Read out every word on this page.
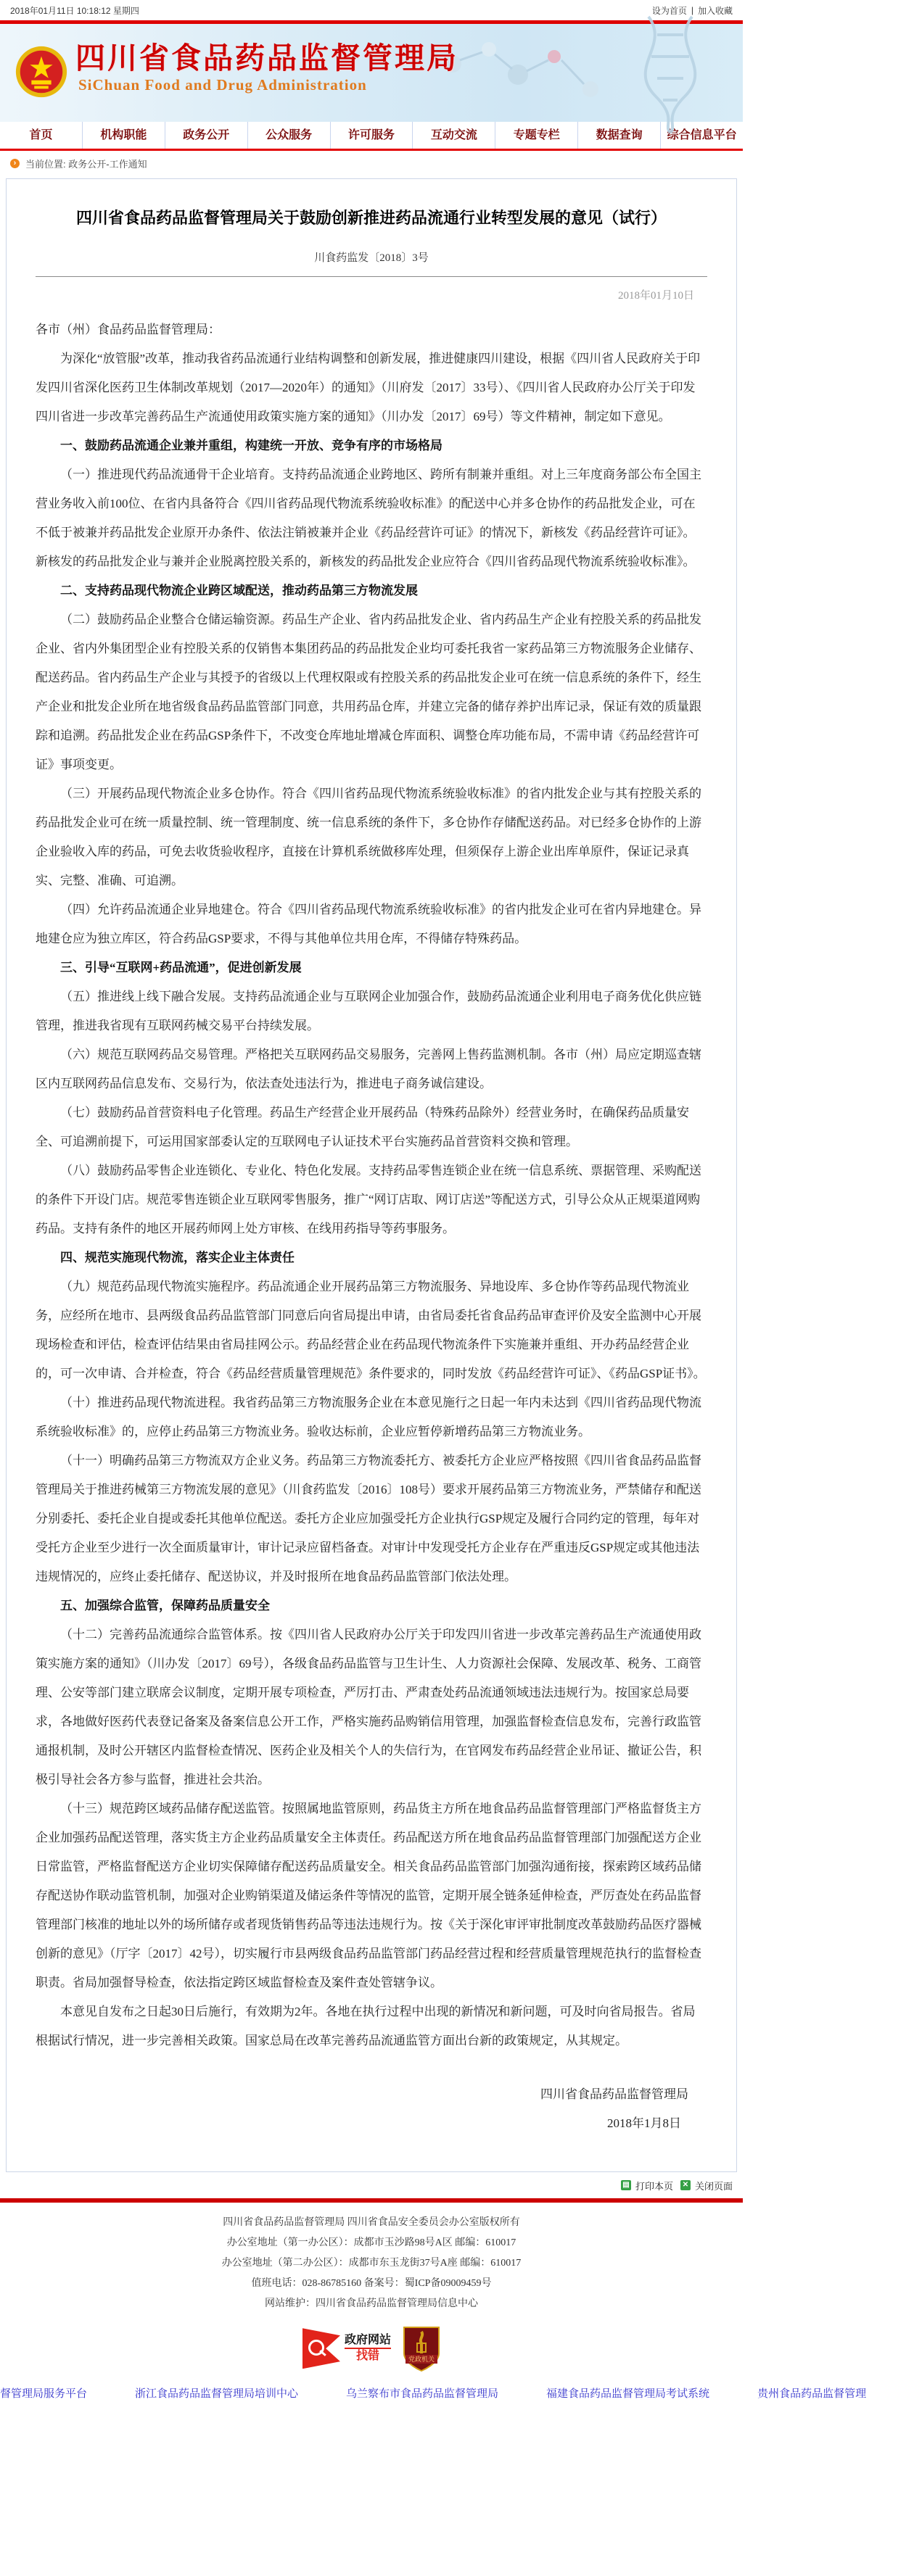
2018年01月11日 10:18:12 星期四	设为首页 | 加入收藏
四川省食品药品监督管理局
SiChuan Food and Drug Administration
首页	机构职能	政务公开	公众服务	许可服务	互动交流	专题专栏	数据查询	综合信息平台
› 当前位置:
政务公开-工作通知
四川省食品药品监督管理局关于鼓励创新推进药品流通行业转型发展的意见（试行）
川食药监发〔2018〕3号
2018年01月10日

各市（州）食品药品监督管理局：

为深化“放管服”改革，推动我省药品流通行业结构调整和创新发展，推进健康四川建设，根据《四川省人民政府关于印发四川省深化医药卫生体制改革规划（2017—2020年）的通知》（川府发〔2017〕33号）、《四川省人民政府办公厅关于印发四川省进一步改革完善药品生产流通使用政策实施方案的通知》（川办发〔2017〕69号）等文件精神，制定如下意见。

一、鼓励药品流通企业兼并重组，构建统一开放、竞争有序的市场格局

（一）推进现代药品流通骨干企业培育。支持药品流通企业跨地区、跨所有制兼并重组。对上三年度商务部公布全国主营业务收入前100位、在省内具备符合《四川省药品现代物流系统验收标准》的配送中心并多仓协作的药品批发企业，可在不低于被兼并药品批发企业原开办条件、依法注销被兼并企业《药品经营许可证》的情况下，新核发《药品经营许可证》。新核发的药品批发企业与兼并企业脱离控股关系的，新核发的药品批发企业应符合《四川省药品现代物流系统验收标准》。

二、支持药品现代物流企业跨区域配送，推动药品第三方物流发展

（二）鼓励药品企业整合仓储运输资源。药品生产企业、省内药品批发企业、省内药品生产企业有控股关系的药品批发企业、省内外集团型企业有控股关系的仅销售本集团药品的药品批发企业均可委托我省一家药品第三方物流服务企业储存、配送药品。省内药品生产企业与其授予的省级以上代理权限或有控股关系的药品批发企业可在统一信息系统的条件下，经生产企业和批发企业所在地省级食品药品监管部门同意，共用药品仓库，并建立完备的储存养护出库记录，保证有效的质量跟踪和追溯。药品批发企业在药品GSP条件下，不改变仓库地址增减仓库面积、调整仓库功能布局，不需申请《药品经营许可证》事项变更。

（三）开展药品现代物流企业多仓协作。符合《四川省药品现代物流系统验收标准》的省内批发企业与其有控股关系的药品批发企业可在统一质量控制、统一管理制度、统一信息系统的条件下，多仓协作存储配送药品。对已经多仓协作的上游企业验收入库的药品，可免去收货验收程序，直接在计算机系统做移库处理，但须保存上游企业出库单原件，保证记录真实、完整、准确、可追溯。

（四）允许药品流通企业异地建仓。符合《四川省药品现代物流系统验收标准》的省内批发企业可在省内异地建仓。异地建仓应为独立库区，符合药品GSP要求，不得与其他单位共用仓库，不得储存特殊药品。

三、引导“互联网+药品流通”，促进创新发展

（五）推进线上线下融合发展。支持药品流通企业与互联网企业加强合作，鼓励药品流通企业利用电子商务优化供应链管理，推进我省现有互联网药械交易平台持续发展。

（六）规范互联网药品交易管理。严格把关互联网药品交易服务，完善网上售药监测机制。各市（州）局应定期巡查辖区内互联网药品信息发布、交易行为，依法查处违法行为，推进电子商务诚信建设。

（七）鼓励药品首营资料电子化管理。药品生产经营企业开展药品（特殊药品除外）经营业务时，在确保药品质量安全、可追溯前提下，可运用国家部委认定的互联网电子认证技术平台实施药品首营资料交换和管理。

（八）鼓励药品零售企业连锁化、专业化、特色化发展。支持药品零售连锁企业在统一信息系统、票据管理、采购配送的条件下开设门店。规范零售连锁企业互联网零售服务，推广“网订店取、网订店送”等配送方式，引导公众从正规渠道网购药品。支持有条件的地区开展药师网上处方审核、在线用药指导等药事服务。

四、规范实施现代物流，落实企业主体责任

（九）规范药品现代物流实施程序。药品流通企业开展药品第三方物流服务、异地设库、多仓协作等药品现代物流业务，应经所在地市、县两级食品药品监管部门同意后向省局提出申请，由省局委托省食品药品审查评价及安全监测中心开展现场检查和评估，检查评估结果由省局挂网公示。药品经营企业在药品现代物流条件下实施兼并重组、开办药品经营企业的，可一次申请、合并检查，符合《药品经营质量管理规范》条件要求的，同时发放《药品经营许可证》、《药品GSP证书》。

（十）推进药品现代物流进程。我省药品第三方物流服务企业在本意见施行之日起一年内未达到《四川省药品现代物流系统验收标准》的，应停止药品第三方物流业务。验收达标前，企业应暂停新增药品第三方物流业务。

（十一）明确药品第三方物流双方企业义务。药品第三方物流委托方、被委托方企业应严格按照《四川省食品药品监督管理局关于推进药械第三方物流发展的意见》（川食药监发〔2016〕108号）要求开展药品第三方物流业务，严禁储存和配送分别委托、委托企业自提或委托其他单位配送。委托方企业应加强受托方企业执行GSP规定及履行合同约定的管理，每年对受托方企业至少进行一次全面质量审计，审计记录应留档备查。对审计中发现受托方企业存在严重违反GSP规定或其他违法违规情况的，应终止委托储存、配送协议，并及时报所在地食品药品监管部门依法处理。

五、加强综合监管，保障药品质量安全

（十二）完善药品流通综合监管体系。按《四川省人民政府办公厅关于印发四川省进一步改革完善药品生产流通使用政策实施方案的通知》（川办发〔2017〕69号），各级食品药品监管与卫生计生、人力资源社会保障、发展改革、税务、工商管理、公安等部门建立联席会议制度，定期开展专项检查，严厉打击、严肃查处药品流通领域违法违规行为。按国家总局要求，各地做好医药代表登记备案及备案信息公开工作，严格实施药品购销信用管理，加强监督检查信息发布，完善行政监管通报机制，及时公开辖区内监督检查情况、医药企业及相关个人的失信行为，在官网发布药品经营企业吊证、撤证公告，积极引导社会各方参与监督，推进社会共治。

（十三）规范跨区域药品储存配送监管。按照属地监管原则，药品货主方所在地食品药品监督管理部门严格监督货主方企业加强药品配送管理，落实货主方企业药品质量安全主体责任。药品配送方所在地食品药品监督管理部门加强配送方企业日常监管，严格监督配送方企业切实保障储存配送药品质量安全。相关食品药品监管部门加强沟通衔接，探索跨区域药品储存配送协作联动监管机制，加强对企业购销渠道及储运条件等情况的监管，定期开展全链条延伸检查，严厉查处在药品监督管理部门核准的地址以外的场所储存或者现货销售药品等违法违规行为。按《关于深化审评审批制度改革鼓励药品医疗器械创新的意见》（厅字〔2017〕42号），切实履行市县两级食品药品监管部门药品经营过程和经营质量管理规范执行的监督检查职责。省局加强督导检查，依法指定跨区域监督检查及案件查处管辖争议。

本意见自发布之日起30日后施行，有效期为2年。各地在执行过程中出现的新情况和新问题，可及时向省局报告。省局根据试行情况，进一步完善相关政策。国家总局在改革完善药品流通监管方面出台新的政策规定，从其规定。

四川省食品药品监督管理局
2018年1月8日
▤ 打印本页 ✕ 关闭页面
四川省食品药品监督管理局 四川省食品安全委员会办公室版权所有
办公室地址（第一办公区）：成都市玉沙路98号A区 邮编：610017
办公室地址（第二办公区）：成都市东玉龙街37号A座 邮编：610017
值班电话：028-86785160 备案号：蜀ICP备09009459号
网站维护：四川省食品药品监督管理局信息中心
政府网站
找错	党政机关
督管理局服务平台	浙江食品药品监督管理局培训中心	乌兰察布市食品药品监督管理局	福建食品药品监督管理局考试系统	贵州食品药品监督管理
